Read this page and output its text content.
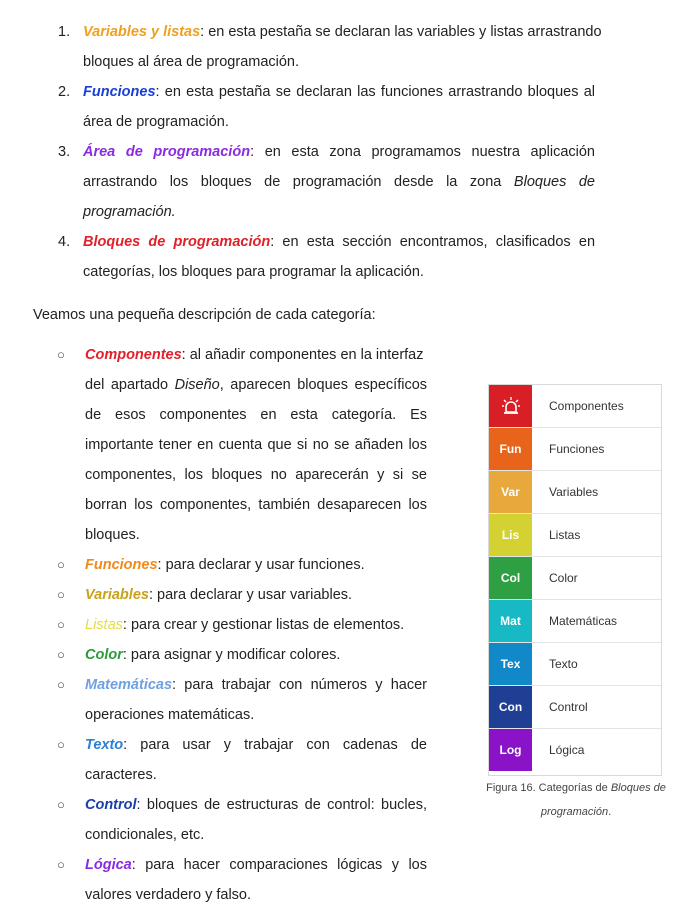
1. Variables y listas: en esta pestaña se declaran las variables y listas arrastrando
bloques al área de programación.
2. Funciones: en esta pestaña se declaran las funciones arrastrando bloques al
área de programación.
3. Área de programación: en esta zona programamos nuestra aplicación
arrastrando los bloques de programación desde la zona Bloques de
programación.
4. Bloques de programación: en esta sección encontramos, clasificados en
categorías, los bloques para programar la aplicación.
Veamos una pequeña descripción de cada categoría:
○ Componentes: al añadir componentes en la interfaz
del apartado Diseño, aparecen bloques específicos
de esos componentes en esta categoría. Es
importante tener en cuenta que si no se añaden los
componentes, los bloques no aparecerán y si se
borran los componentes, también desaparecen los
bloques.
○ Funciones: para declarar y usar funciones.
○ Variables: para declarar y usar variables.
○ Listas: para crear y gestionar listas de elementos.
○ Color: para asignar y modificar colores.
○ Matemáticas: para trabajar con números y hacer
operaciones matemáticas.
○ Texto: para usar y trabajar con cadenas de
caracteres.
○ Control: bloques de estructuras de control: bucles,
condicionales, etc.
○ Lógica: para hacer comparaciones lógicas y los
valores verdadero y falso.
Componentes
Fun	Funciones
Var	Variables
Lis	Listas
Col	Color
Mat	Matemáticas
Tex	Texto
Con	Control
Log	Lógica
Figura 16. Categorías de Bloques de
programación.
